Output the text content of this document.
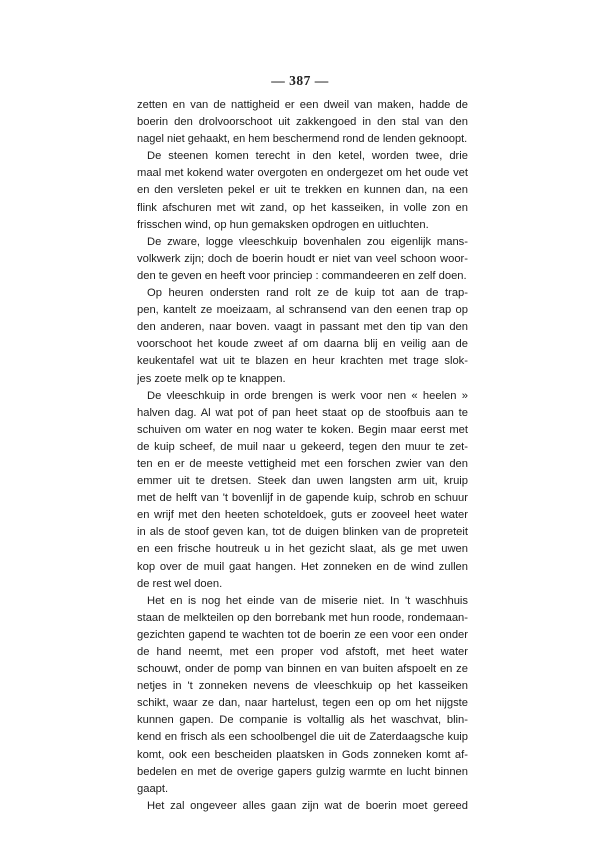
— 387 —
zetten en van de nattigheid er een dweil van maken, hadde de
boerin den drolvoorschoot uit zakkengoed in den stal van den
nagel niet gehaakt, en hem beschermend rond de lenden geknoopt.
De steenen komen terecht in den ketel, worden twee, drie
maal met kokend water overgoten en ondergezet om het oude vet
en den versleten pekel er uit te trekken en kunnen dan, na een
flink afschuren met wit zand, op het kasseiken, in volle zon en
frisschen wind, op hun gemaksken opdrogen en uitluchten.
De zware, logge vleeschkuip bovenhalen zou eigenlijk mans-
volkwerk zijn; doch de boerin houdt er niet van veel schoon woor-
den te geven en heeft voor princiep : commandeeren en zelf doen.
Op heuren ondersten rand rolt ze de kuip tot aan de trap-
pen, kantelt ze moeizaam, al schransend van den eenen trap op
den anderen, naar boven. vaagt in passant met den tip van den
voorschoot het koude zweet af om daarna blij en veilig aan de
keukentafel wat uit te blazen en heur krachten met trage slok-
jes zoete melk op te knappen.
De vleeschkuip in orde brengen is werk voor nen « heelen »
halven dag. Al wat pot of pan heet staat op de stoofbuis aan te
schuiven om water en nog water te koken. Begin maar eerst met
de kuip scheef, de muil naar u gekeerd, tegen den muur te zet-
ten en er de meeste vettigheid met een forschen zwier van den
emmer uit te dretsen. Steek dan uwen langsten arm uit, kruip
met de helft van 't bovenlijf in de gapende kuip, schrob en schuur
en wrijf met den heeten schoteldoek, guts er zooveel heet water
in als de stoof geven kan, tot de duigen blinken van de propreteit
en een frische houtreuk u in het gezicht slaat, als ge met uwen
kop over de muil gaat hangen. Het zonneken en de wind zullen
de rest wel doen.
Het en is nog het einde van de miserie niet. In 't waschhuis
staan de melkteilen op den borrebank met hun roode, rondemaan-
gezichten gapend te wachten tot de boerin ze een voor een onder
de hand neemt, met een proper vod afstoft, met heet water
schouwt, onder de pomp van binnen en van buiten afspoelt en ze
netjes in 't zonneken nevens de vleeschkuip op het kasseiken
schikt, waar ze dan, naar hartelust, tegen een op om het nijgste
kunnen gapen. De companie is voltallig als het waschvat, blin-
kend en frisch als een schoolbengel die uit de Zaterdaagsche kuip
komt, ook een bescheiden plaatsken in Gods zonneken komt af-
bedelen en met de overige gapers gulzig warmte en lucht binnen
gaapt.
Het zal ongeveer alles gaan zijn wat de boerin moet gereed
